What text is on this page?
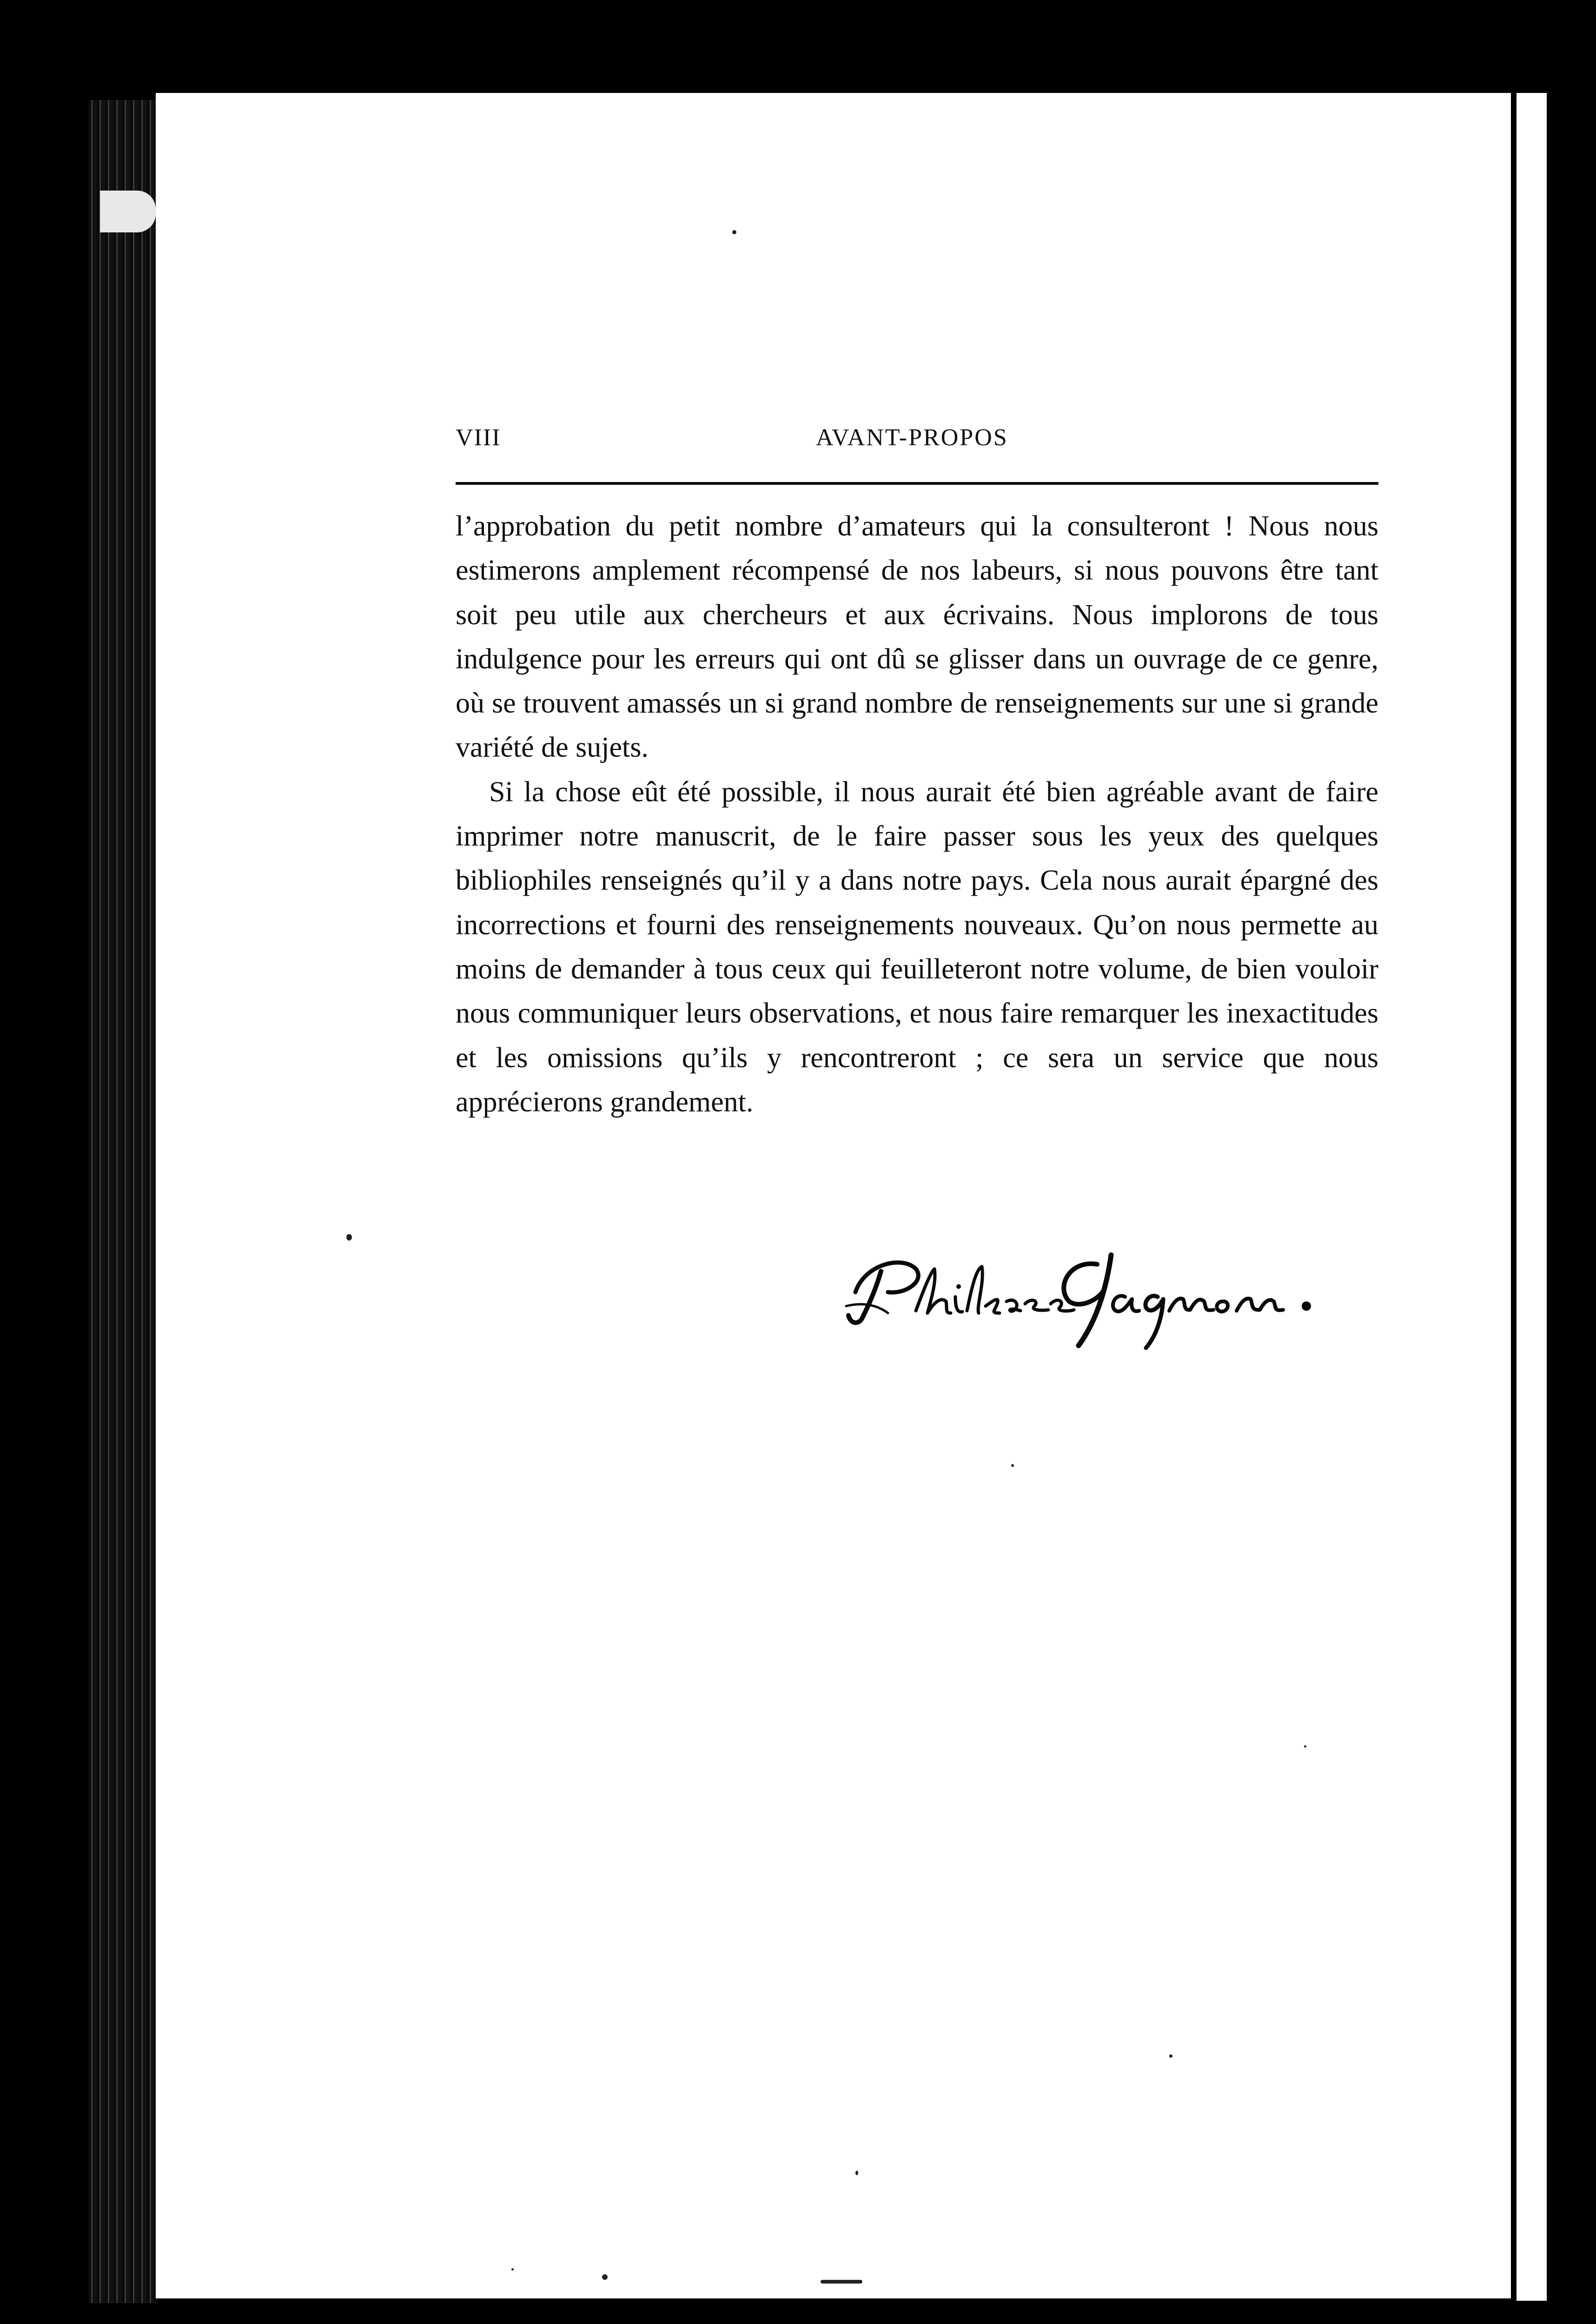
VIII	AVANT-PROPOS

l’approbation du petit nombre d’amateurs qui la consulteront ! Nous nous estimerons amplement récompensé de nos labeurs, si nous pouvons être tant soit peu utile aux chercheurs et aux écrivains. Nous implorons de tous indulgence pour les erreurs qui ont dû se glisser dans un ouvrage de ce genre, où se trouvent amassés un si grand nombre de renseignements sur une si grande variété de sujets.

Si la chose eût été possible, il nous aurait été bien agréable avant de faire imprimer notre manuscrit, de le faire passer sous les yeux des quelques bibliophiles renseignés qu’il y a dans notre pays. Cela nous aurait épargné des incorrections et fourni des renseignements nouveaux. Qu’on nous permette au moins de demander à tous ceux qui feuilleteront notre volume, de bien vouloir nous communiquer leurs observations, et nous faire remarquer les inexactitudes et les omissions qu’ils y rencontreront ; ce sera un service que nous apprécierons grandement.
